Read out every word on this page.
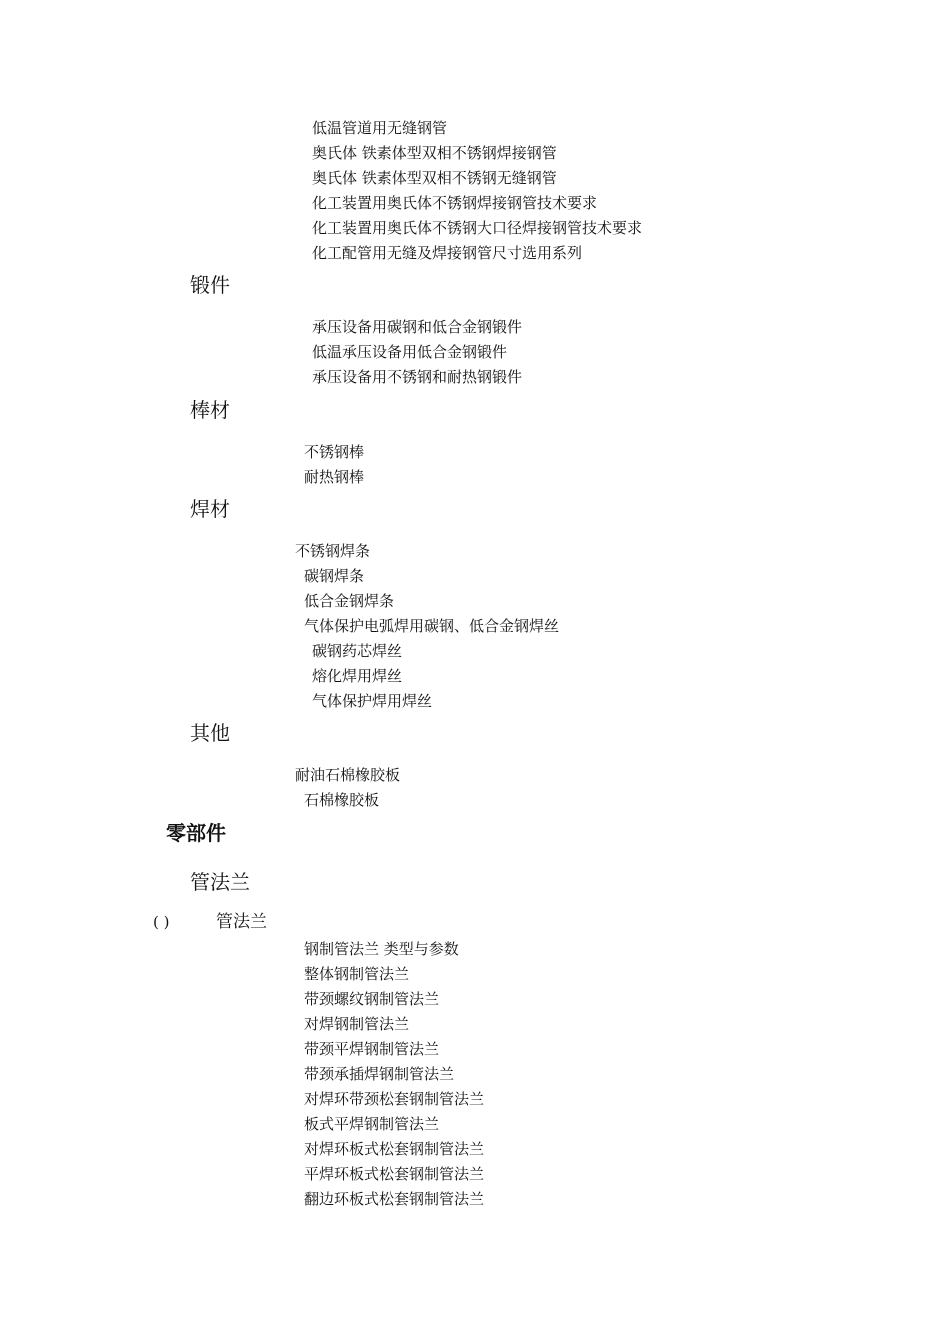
低温管道用无缝钢管
奥氏体 铁素体型双相不锈钢焊接钢管
奥氏体 铁素体型双相不锈钢无缝钢管
化工装置用奥氏体不锈钢焊接钢管技术要求
化工装置用奥氏体不锈钢大口径焊接钢管技术要求
化工配管用无缝及焊接钢管尺寸选用系列
锻件
承压设备用碳钢和低合金钢锻件
低温承压设备用低合金钢锻件
承压设备用不锈钢和耐热钢锻件
棒材
不锈钢棒
耐热钢棒
焊材
不锈钢焊条
碳钢焊条
低合金钢焊条
气体保护电弧焊用碳钢、低合金钢焊丝
碳钢药芯焊丝
熔化焊用焊丝
气体保护焊用焊丝
其他
耐油石棉橡胶板
石棉橡胶板
零部件
管法兰
( )	管法兰
钢制管法兰 类型与参数
整体钢制管法兰
带颈螺纹钢制管法兰
对焊钢制管法兰
带颈平焊钢制管法兰
带颈承插焊钢制管法兰
对焊环带颈松套钢制管法兰
板式平焊钢制管法兰
对焊环板式松套钢制管法兰
平焊环板式松套钢制管法兰
翻边环板式松套钢制管法兰
